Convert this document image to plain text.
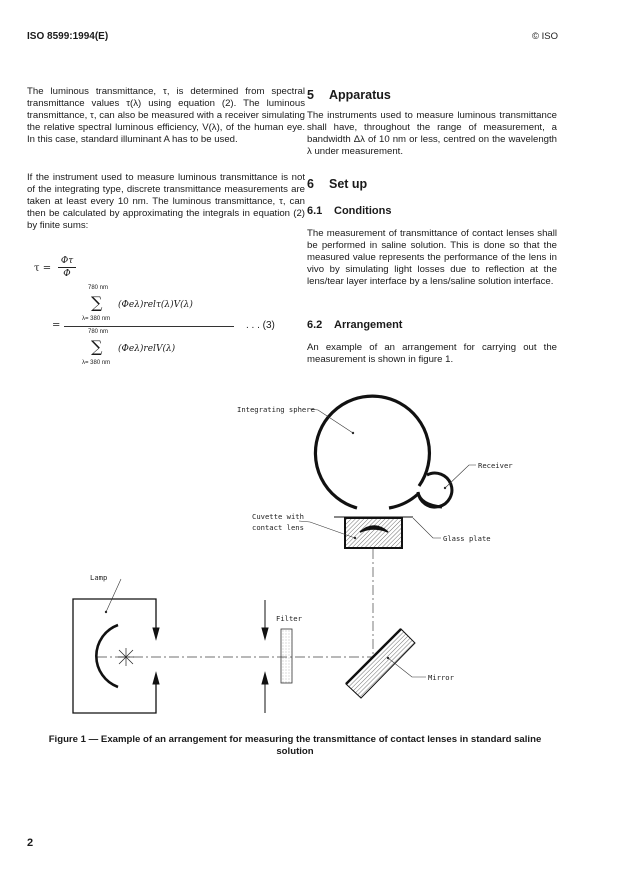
ISO 8599:1994(E)	© ISO
The luminous transmittance, τ, is determined from spectral transmittance values τ(λ) using equation (2). The luminous transmittance, τ, can also be measured with a receiver simulating the relative spectral luminous efficiency, V(λ), of the human eye. In this case, standard illuminant A has to be used.
If the instrument used to measure luminous transmittance is not of the integrating type, discrete transmittance measurements are taken at least every 10 nm. The luminous transmittance, τ, can then be calculated by approximating the integrals in equation (2) by finite sums:
τ =
Φτ
Φ
=
780 nm
∑
λ= 380 nm
(Φeλ)relτ(λ)V(λ)
780 nm
∑
λ= 380 nm
(Φeλ)relV(λ)
. . . (3)
5 Apparatus
The instruments used to measure luminous transmittance shall have, throughout the range of measurement, a bandwidth Δλ of 10 nm or less, centred on the wavelength λ under measurement.
6 Set up
6.1 Conditions
The measurement of transmittance of contact lenses shall be performed in saline solution. This is done so that the measured value represents the performance of the lens in vivo by simulating light losses due to reflection at the lens/tear layer interface by a lens/saline solution interface.
6.2 Arrangement
An example of an arrangement for carrying out the measurement is shown in figure 1.
Integrating sphere
Receiver
Cuvette with
contact lens
Glass plate
Lamp
Filter
Mirror
Figure 1 — Example of an arrangement for measuring the transmittance of contact lenses in standard saline solution
2
